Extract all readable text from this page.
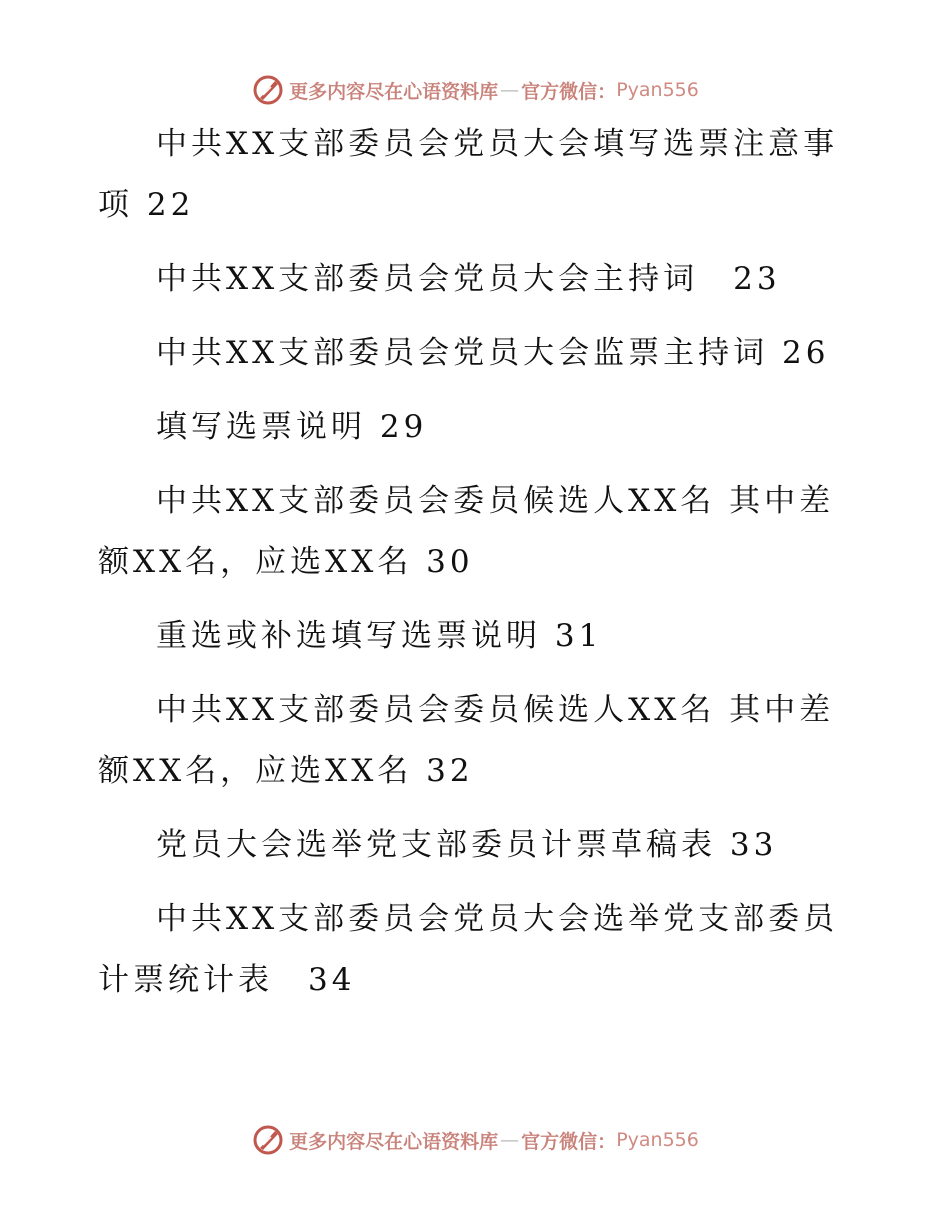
更多内容尽在心语资料库 — 官方微信： Pyan556
中共XX支部委员会党员大会填写选票注意事项 22
中共XX支部委员会党员大会主持词　23
中共XX支部委员会党员大会监票主持词 26
填写选票说明 29
中共XX支部委员会委员候选人XX名 其中差额XX名，应选XX名 30
重选或补选填写选票说明 31
中共XX支部委员会委员候选人XX名 其中差额XX名，应选XX名 32
党员大会选举党支部委员计票草稿表 33
中共XX支部委员会党员大会选举党支部委员计票统计表　34
更多内容尽在心语资料库 — 官方微信： Pyan556
